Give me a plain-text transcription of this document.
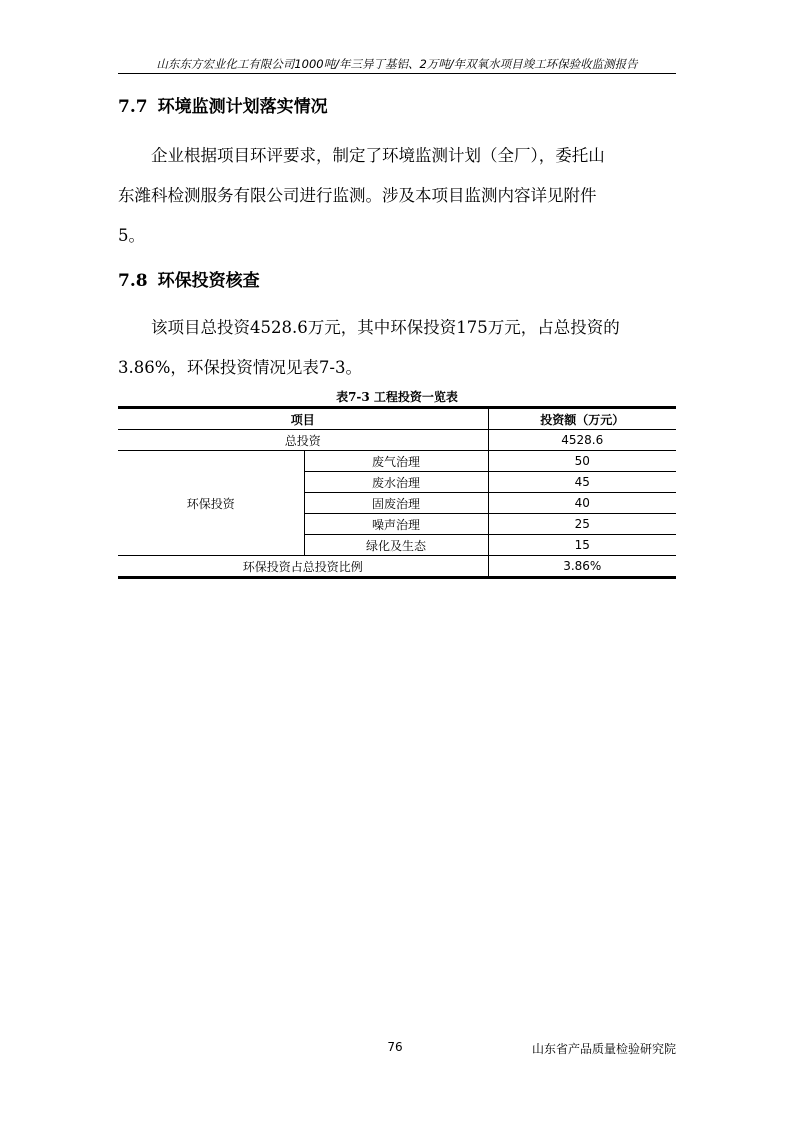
山东东方宏业化工有限公司1000吨/年三异丁基铝、2万吨/年双氧水项目竣工环保验收监测报告
7.7 环境监测计划落实情况
　　企业根据项目环评要求，制定了环境监测计划（全厂），委托山
东潍科检测服务有限公司进行监测。涉及本项目监测内容详见附件
5。
7.8 环保投资核查
　　该项目总投资4528.6万元，其中环保投资175万元，占总投资的
3.86%，环保投资情况见表7-3。
表7-3 工程投资一览表
项目		投资额（万元）
总投资		4528.6
环保投资	废气治理	50
	废水治理	45
	固废治理	40
	噪声治理	25
	绿化及生态	15
环保投资占总投资比例		3.86%
76	山东省产品质量检验研究院
